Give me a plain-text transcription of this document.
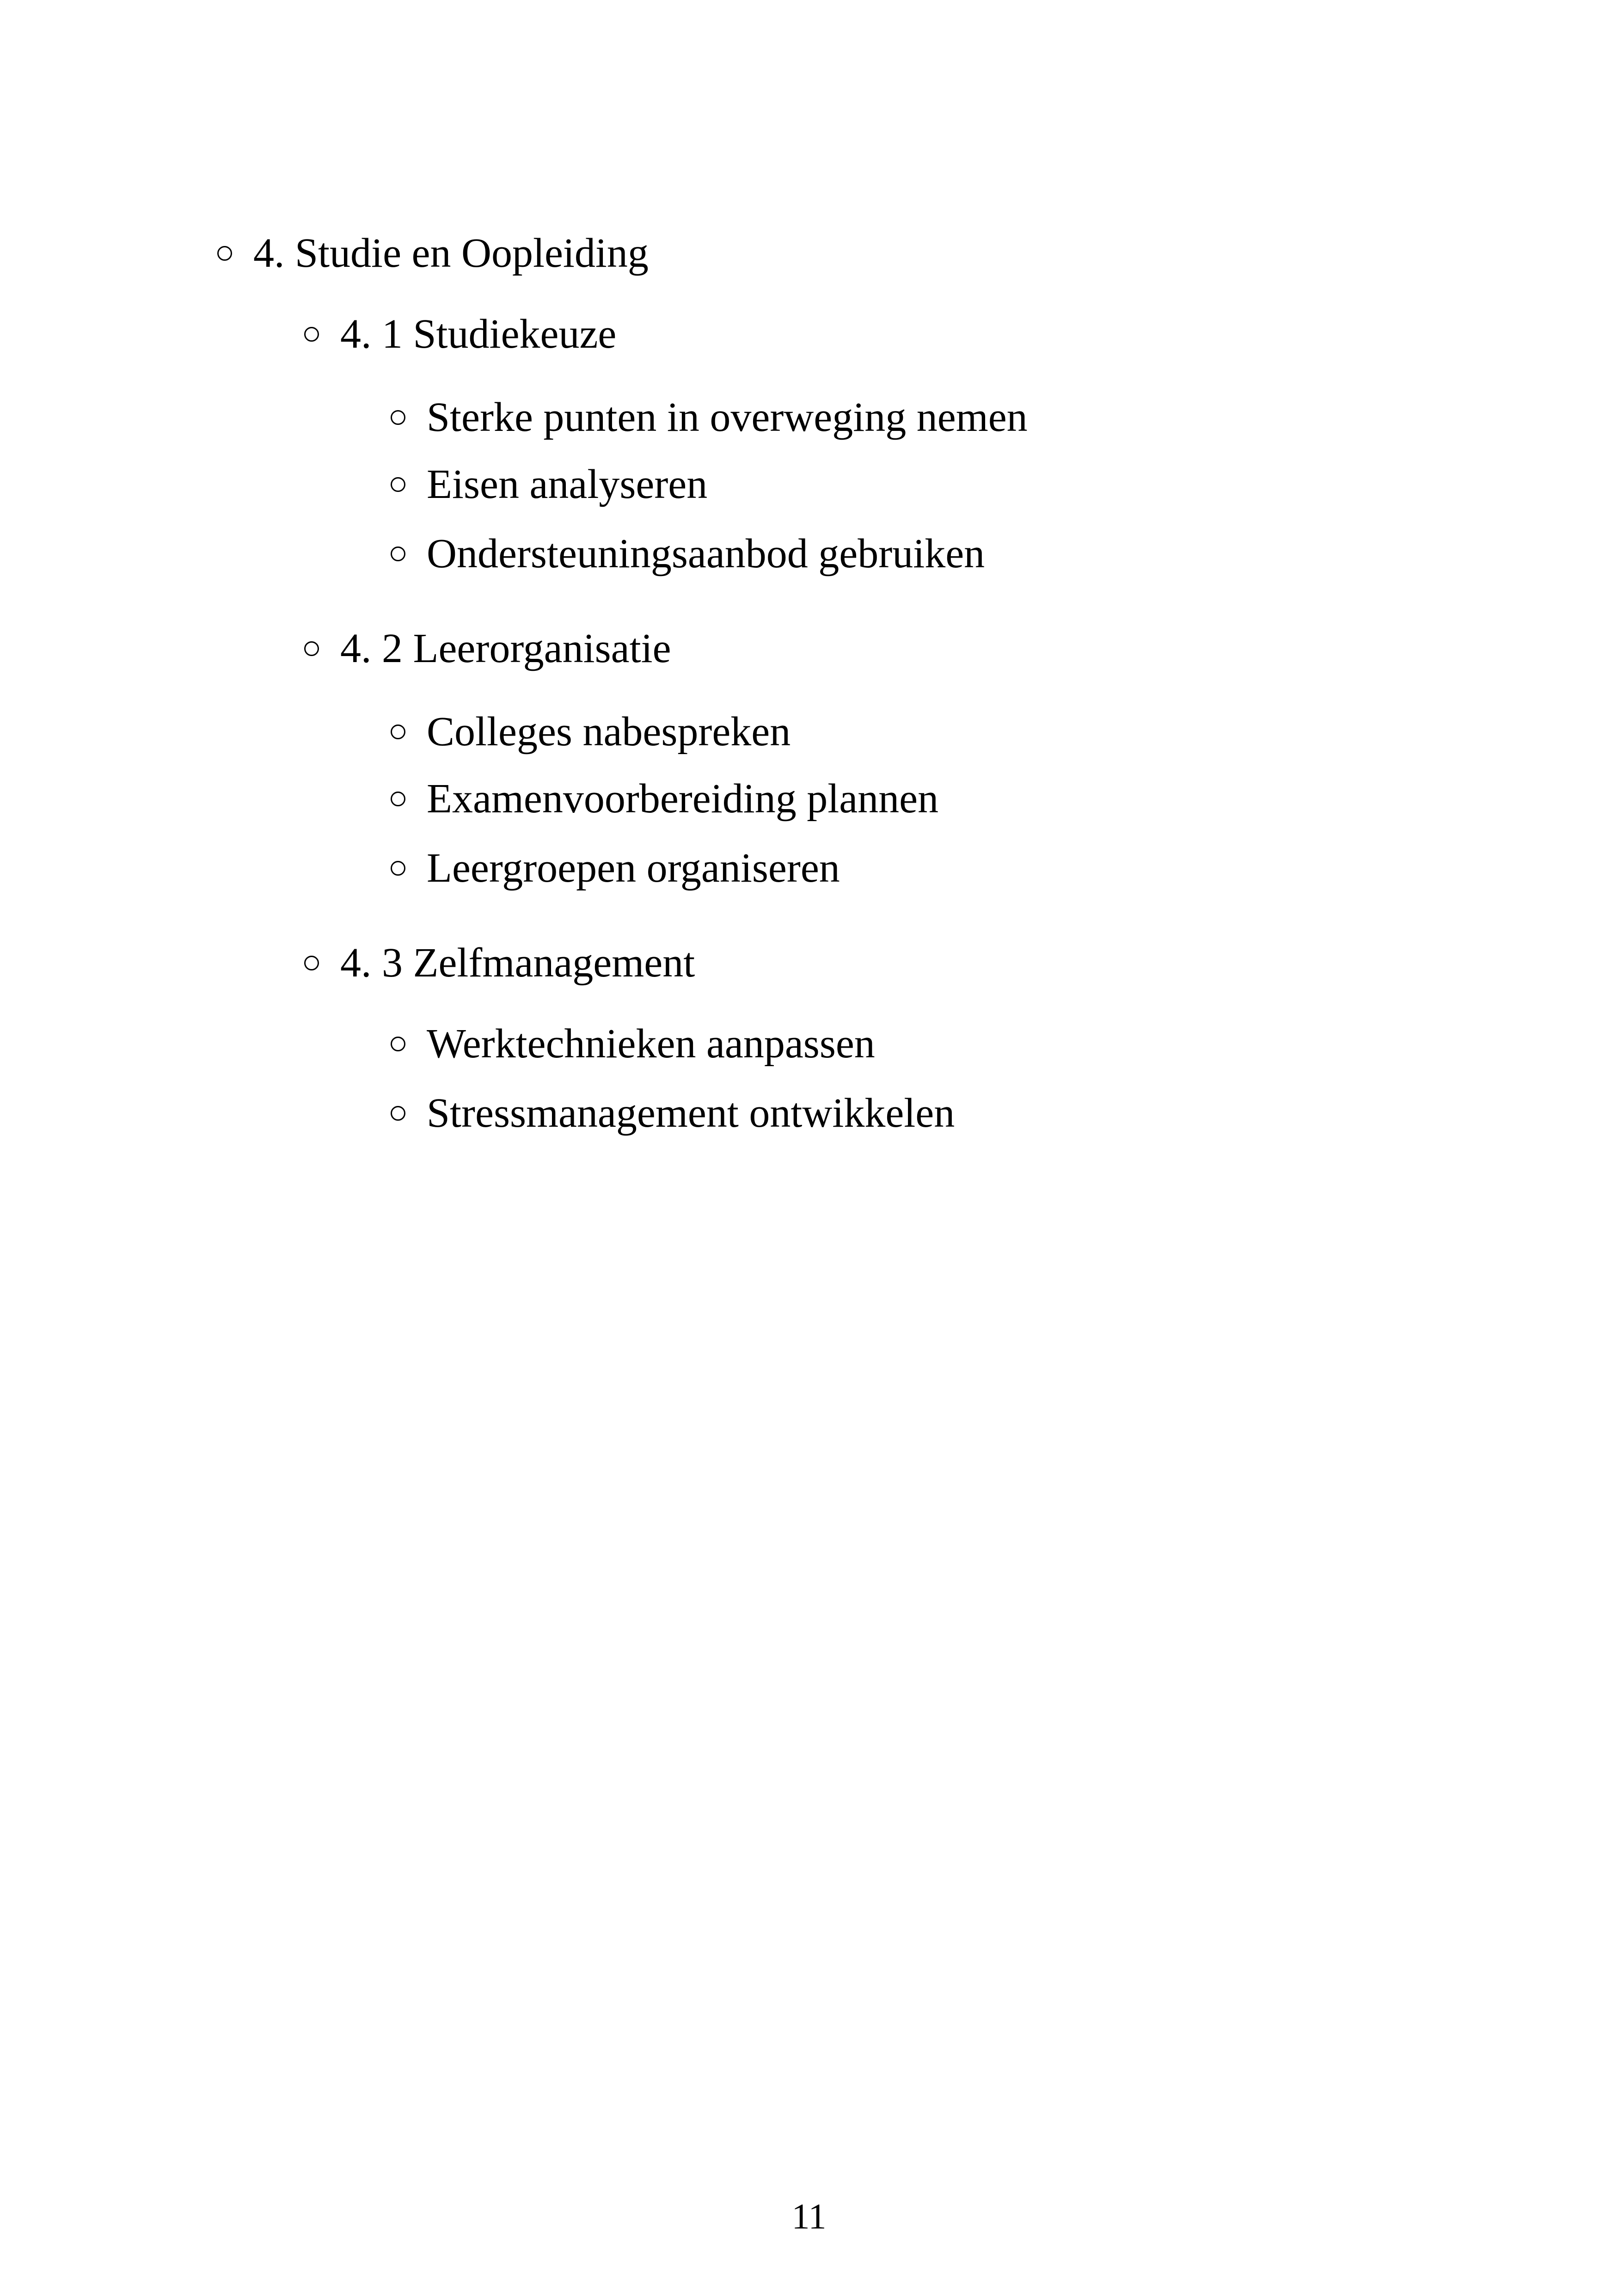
4. Studie en Oopleiding
4. 1 Studiekeuze
Sterke punten in overweging nemen
Eisen analyseren
Ondersteuningsaanbod gebruiken
4. 2 Leerorganisatie
Colleges nabespreken
Examenvoorbereiding plannen
Leergroepen organiseren
4. 3 Zelfmanagement
Werktechnieken aanpassen
Stressmanagement ontwikkelen
11
